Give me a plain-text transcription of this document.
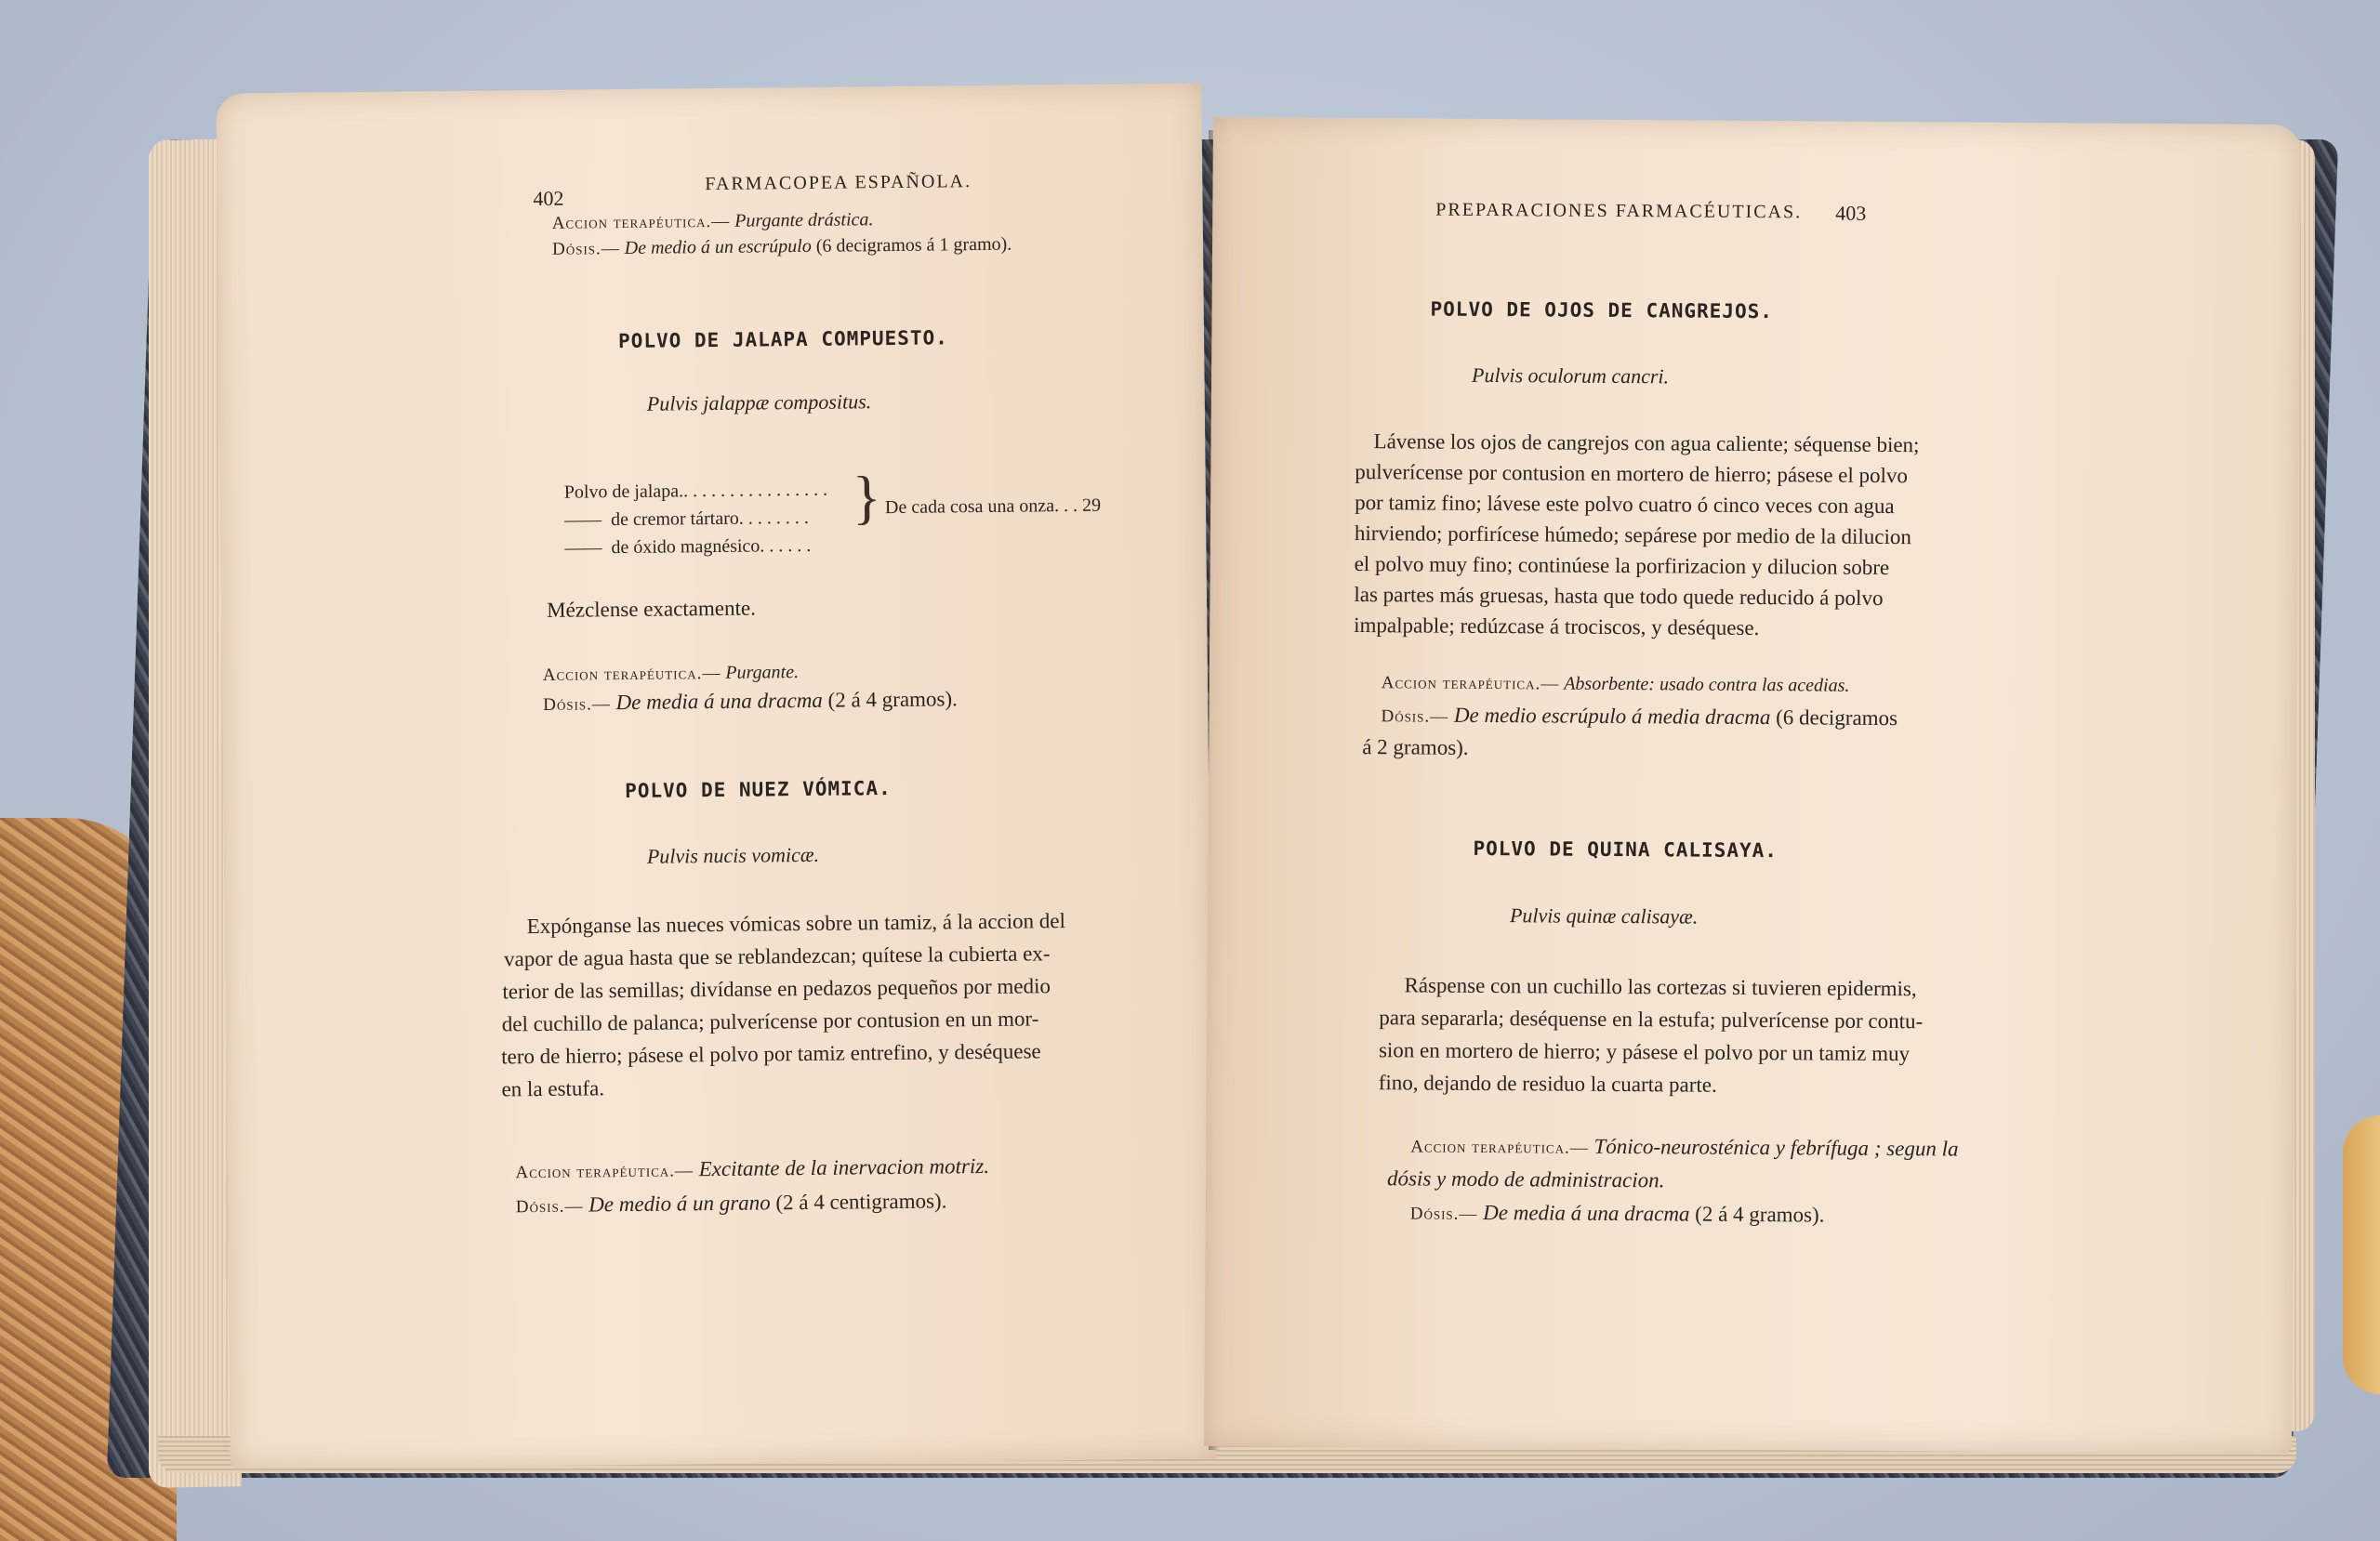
402
FARMACOPEA ESPAÑOLA.
Accion terapéutica.— Purgante drástica.
Dósis.— De medio á un escrúpulo (6 decigramos á 1 gramo).
POLVO DE JALAPA COMPUESTO.
Pulvis jalappæ compositus.
Polvo de jalapa.. . . . . . . . . . . . . . . .
—— de cremor tártaro. . . . . . . .
—— de óxido magnésico. . . . . .
} De cada cosa una onza. . . 29
Mézclense exactamente.
Accion terapéutica.— Purgante.
Dósis.— De media á una dracma (2 á 4 gramos).
POLVO DE NUEZ VÓMICA.
Pulvis nucis vomicæ.
Expónganse las nueces vómicas sobre un tamiz, á la accion del
vapor de agua hasta que se reblandezcan; quítese la cubierta ex-
terior de las semillas; divídanse en pedazos pequeños por medio
del cuchillo de palanca; pulverícense por contusion en un mor-
tero de hierro; pásese el polvo por tamiz entrefino, y deséquese
en la estufa.
Accion terapéutica.— Excitante de la inervacion motriz.
Dósis.— De medio á un grano (2 á 4 centigramos).
PREPARACIONES FARMACÉUTICAS. 403
POLVO DE OJOS DE CANGREJOS.
Pulvis oculorum cancri.
Lávense los ojos de cangrejos con agua caliente; séquense bien;
pulverícense por contusion en mortero de hierro; pásese el polvo
por tamiz fino; lávese este polvo cuatro ó cinco veces con agua
hirviendo; porfirícese húmedo; sepárese por medio de la dilucion
el polvo muy fino; continúese la porfirizacion y dilucion sobre
las partes más gruesas, hasta que todo quede reducido á polvo
impalpable; redúzcase á trociscos, y deséquese.
Accion terapéutica.— Absorbente: usado contra las acedias.
Dósis.— De medio escrúpulo á media dracma (6 decigramos
á 2 gramos).
POLVO DE QUINA CALISAYA.
Pulvis quinæ calisayæ.
Ráspense con un cuchillo las cortezas si tuvieren epidermis,
para separarla; deséquense en la estufa; pulverícense por contu-
sion en mortero de hierro; y pásese el polvo por un tamiz muy
fino, dejando de residuo la cuarta parte.
Accion terapéutica.— Tónico-neurosténica y febrífuga ; segun la
dósis y modo de administracion.
Dósis.— De media á una dracma (2 á 4 gramos).
